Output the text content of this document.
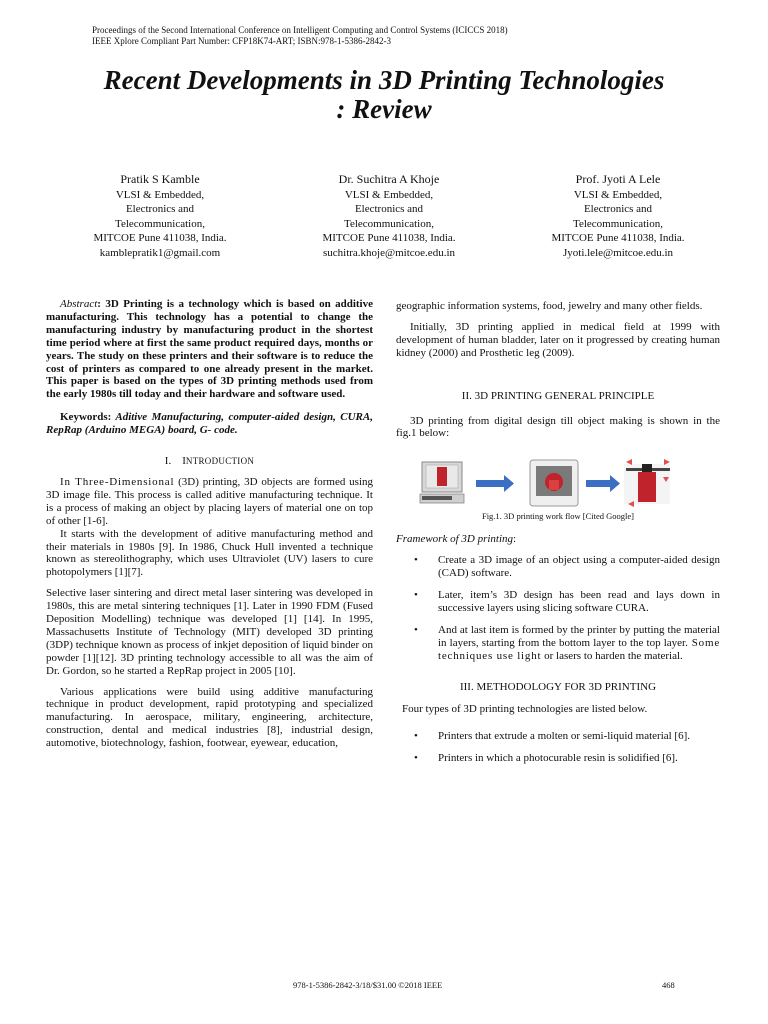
Proceedings of the Second International Conference on Intelligent Computing and Control Systems (ICICCS 2018)
IEEE Xplore Compliant Part Number: CFP18K74-ART; ISBN:978-1-5386-2842-3
Recent Developments in 3D Printing Technologies
: Review
Pratik S Kamble
VLSI & Embedded,
Electronics and
Telecommunication,
MITCOE Pune 411038, India.
kamblepratik1@gmail.com
Dr. Suchitra A Khoje
VLSI & Embedded,
Electronics and
Telecommunication,
MITCOE Pune 411038, India.
suchitra.khoje@mitcoe.edu.in
Prof. Jyoti A Lele
VLSI & Embedded,
Electronics and
Telecommunication,
MITCOE Pune 411038, India.
Jyoti.lele@mitcoe.edu.in

Abstract: 3D Printing is a technology which is based on additive manufacturing. This technology has a potential to change the manufacturing industry by manufacturing product in the shortest time period where at first the same product required days, months or years. The study on these printers and their software is to reduce the cost of printers as compared to one already present in the market. This paper is based on the types of 3D printing methods used from the early 1980s till today and their hardware and software used.

Keywords: Aditive Manufacturing, computer-aided design, CURA, RepRap (Arduino MEGA) board, G- code.

I. INTRODUCTION

In Three-Dimensional (3D) printing, 3D objects are formed using 3D image file. This process is called aditive manufacturing technique. It is a process of making an object by placing layers of material one on top of other [1-6].

It starts with the development of aditive manufacturing method and their materials in 1980s [9]. In 1986, Chuck Hull invented a technique known as stereolithography, which uses Ultraviolet (UV) lasers to cure photopolymers [1][7].

Selective laser sintering and direct metal laser sintering was developed in 1980s, this are metal sintering techniques [1]. Later in 1990 FDM (Fused Deposition Modelling) technique was developed [1] [14]. In 1995, Massachusetts Institute of Technology (MIT) developed 3D printing (3DP) technique known as process of inkjet deposition of liquid binder on powder [1][12]. 3D printing technology accessible to all was the aim of Dr. Gordon, so he started a RepRap project in 2005 [10].

Various applications were build using additive manufacturing technique in product development, rapid prototyping and specialized manufacturing. In aerospace, military, engineering, architecture, construction, dental and medical industries [8], industrial design, automotive, biotechnology, fashion, footwear, eyewear, education,

geographic information systems, food, jewelry and many other fields.

Initially, 3D printing applied in medical field at 1999 with development of human bladder, later on it progressed by creating human kidney (2000) and Prosthetic leg (2009).

II. 3D PRINTING GENERAL PRINCIPLE

3D printing from digital design till object making is shown in the fig.1 below:

Fig.1. 3D printing work flow [Cited Google]

Framework of 3D printing:

• Create a 3D image of an object using a computer-aided design (CAD) software.
• Later, item’s 3D design has been read and lays down in successive layers using slicing software CURA.
• And at last item is formed by the printer by putting the material in layers, starting from the bottom layer to the top layer. Some techniques use light or lasers to harden the material.
III. METHODOLOGY FOR 3D PRINTING

Four types of 3D printing technologies are listed below.

• Printers that extrude a molten or semi-liquid material [6].
• Printers in which a photocurable resin is solidified [6].
978-1-5386-2842-3/18/$31.00 ©2018 IEEE	468
